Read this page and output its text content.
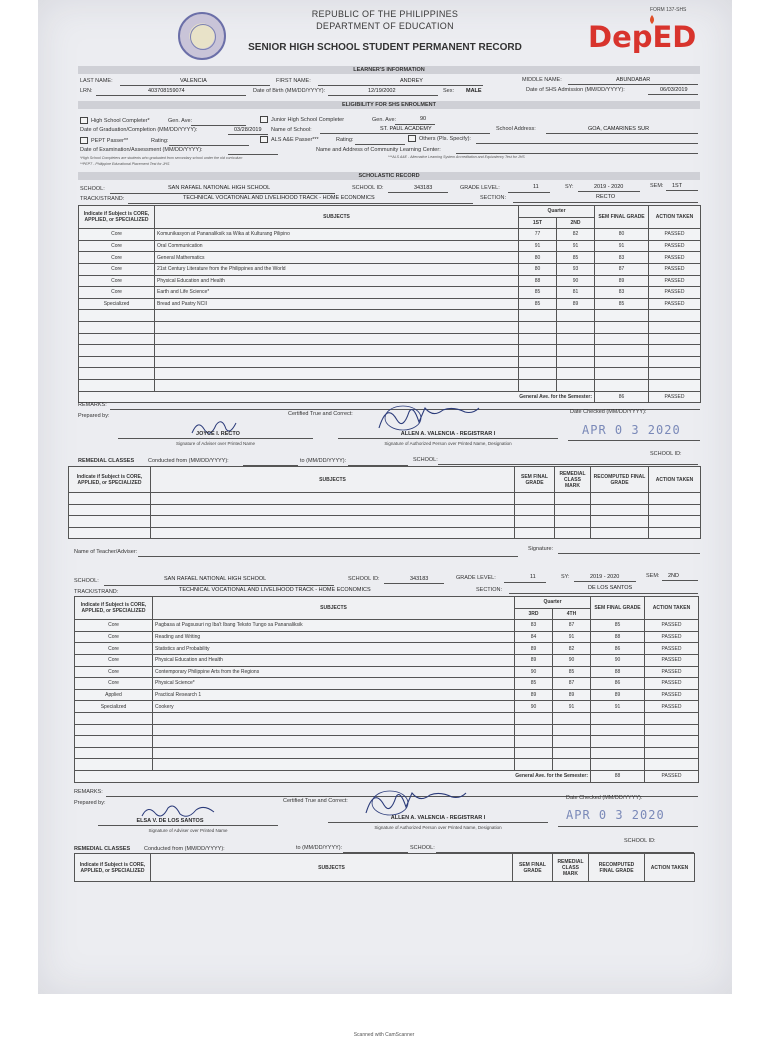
FORM 137-SHS
REPUBLIC OF THE PHILIPPINES
DEPARTMENT OF EDUCATION
SENIOR HIGH SCHOOL STUDENT PERMANENT RECORD	DepED
LEARNER'S INFORMATION
LAST NAME:	VALENCIA	FIRST NAME:	ANDREY	MIDDLE NAME:	ABUNDABAR
LRN:	403708159074	Date of Birth (MM/DD/YYYY):	12/19/2002	Sex: MALE	Date of SHS Admission (MM/DD/YYYY):	06/03/2019
ELIGIBILITY FOR SHS ENROLMENT
High School Completer*	Gen. Ave:	Junior High School Completer	Gen. Ave:	90
Date of Graduation/Completion (MM/DD/YYYY):	03/28/2019 Name of School:	ST. PAUL ACADEMY	School Address:	GOA, CAMARINES SUR
PEPT Passer**	Rating:	ALS A&E Passer***	Rating:	Others (Pls. Specify):
Date of Examination/Assessment (MM/DD/YYYY):	Name and Address of Community Learning Center:
*High School Completers are students who graduated from secondary school under the old curriculum	***ALS A&E - Alternative Learning System Accreditation and Equivalency Test for JHS
**PEPT - Philippine Educational Placement Test for JHS
SCHOLASTIC RECORD
SCHOOL:	SAN RAFAEL NATIONAL HIGH SCHOOL	SCHOOL ID:	343183	GRADE LEVEL:	11	SY:	2019 - 2020	SEM: 1ST
TRACK/STRAND:	TECHNICAL VOCATIONAL AND LIVELIHOOD TRACK - HOME ECONOMICS	SECTION:	RECTO
Indicate if Subject is CORE, APPLIED, or SPECIALIZED	SUBJECTS	Quarter		SEM FINAL GRADE	ACTION TAKEN
		1ST	2ND		
Core	Komunikasyon at Pananaliksik sa Wika at Kulturang Pilipino	77	82	80	PASSED
Core	Oral Communication	91	91	91	PASSED
Core	General Mathematics	80	85	83	PASSED
Core	21st Century Literature from the Philippines and the World	80	93	87	PASSED
Core	Physical Education and Health	88	90	89	PASSED
Core	Earth and Life Science*	85	81	83	PASSED
Specialized	Bread and Pastry NCII	85	89	85	PASSED

General Ave. for the Semester:				86	PASSED
REMARKS:
Prepared by:
JOYCE I. RECTO
Signature of Adviser over Printed Name
Certified True and Correct:
ALLEN A. VALENCIA - REGISTRAR I
Signature of Authorized Person over Printed Name, Designation
Date Checked (MM/DD/YYYY):
APR 0 3 2020
SCHOOL ID:
REMEDIAL CLASSES	Conducted from (MM/DD/YYYY):	to (MM/DD/YYYY):	SCHOOL:
Indicate if Subject is CORE, APPLIED, or SPECIALIZED	SUBJECTS	SEM FINAL GRADE	REMEDIAL CLASS MARK	RECOMPUTED FINAL GRADE	ACTION TAKEN

Name of Teacher/Adviser:	Signature:
SCHOOL:	SAN RAFAEL NATIONAL HIGH SCHOOL	SCHOOL ID:	343183	GRADE LEVEL:	11	SY:	2019 - 2020	SEM: 2ND
TRACK/STRAND:	TECHNICAL VOCATIONAL AND LIVELIHOOD TRACK - HOME ECONOMICS	SECTION:	DE LOS SANTOS
Indicate if Subject is CORE, APPLIED, or SPECIALIZED	SUBJECTS	Quarter		SEM FINAL GRADE	ACTION TAKEN
		3RD	4TH		
Core	Pagbasa at Pagsusuri ng Iba't Ibang Teksto Tungo sa Pananaliksik	83	87	85	PASSED
Core	Reading and Writing	84	91	88	PASSED
Core	Statistics and Probability	89	82	86	PASSED
Core	Physical Education and Health	89	90	90	PASSED
Core	Contemporary Philippine Arts from the Regions	90	85	88	PASSED
Core	Physical Science*	85	87	86	PASSED
Applied	Practical Research 1	89	89	89	PASSED
Specialized	Cookery	90	91	91	PASSED

General Ave. for the Semester:				88	PASSED
REMARKS:
Prepared by:
ELSA V. DE LOS SANTOS
Signature of Adviser over Printed Name
Certified True and Correct:
ALLEN A. VALENCIA - REGISTRAR I
Signature of Authorized Person over Printed Name, Designation
Date Checked (MM/DD/YYYY):
APR 0 3 2020
SCHOOL ID:
REMEDIAL CLASSES	Conducted from (MM/DD/YYYY):	to (MM/DD/YYYY):	SCHOOL:
Indicate if Subject is CORE, APPLIED, or SPECIALIZED	SUBJECTS	SEM FINAL GRADE	REMEDIAL CLASS MARK	RECOMPUTED FINAL GRADE	ACTION TAKEN
Scanned with CamScanner
